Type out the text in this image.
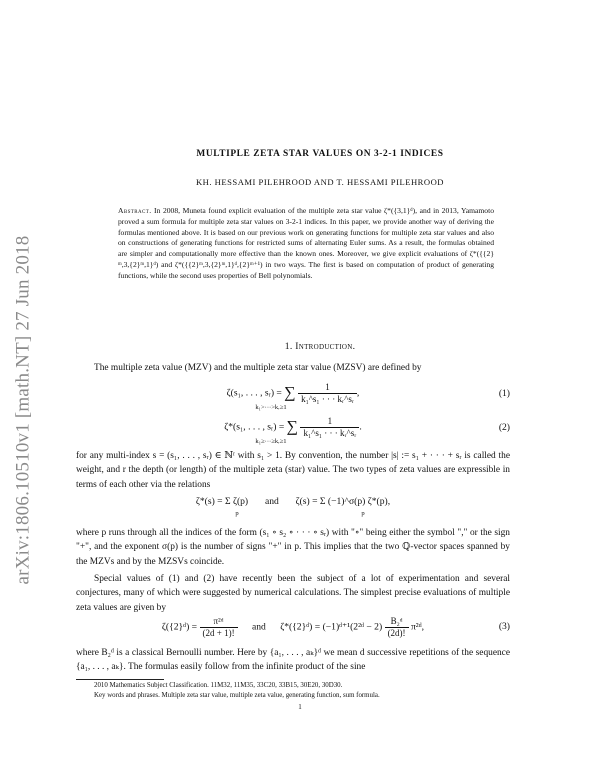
arXiv:1806.10510v1 [math.NT] 27 Jun 2018
MULTIPLE ZETA STAR VALUES ON 3-2-1 INDICES
KH. HESSAMI PILEHROOD AND T. HESSAMI PILEHROOD
Abstract. In 2008, Muneta found explicit evaluation of the multiple zeta star value ζ*({3,1}ᵈ), and in 2013, Yamamoto proved a sum formula for multiple zeta star values on 3-2-1 indices. In this paper, we provide another way of deriving the formulas mentioned above. It is based on our previous work on generating functions for multiple zeta star values and also on constructions of generating functions for restricted sums of alternating Euler sums. As a result, the formulas obtained are simpler and computationally more effective than the known ones. Moreover, we give explicit evaluations of ζ*({{2}ᵐ,3,{2}ᵐ,1}ᵈ) and ζ*({{2}ᵐ,3,{2}ᵐ,1}ᵈ,{2}ᵐ⁺¹) in two ways. The first is based on computation of product of generating functions, while the second uses properties of Bell polynomials.
1. Introduction.
The multiple zeta value (MZV) and the multiple zeta star value (MZSV) are defined by
ζ(s₁, . . . , sᵣ) = ∑ $\frac{1}{\text{k₁\textasciicircum{}s₁ · · · kᵣ\textasciicircum{}sᵣ}}$ ,
k₁>···>kᵣ≥1
(1)
ζ*(s₁, . . . , sᵣ) = ∑ $\frac{1}{\text{k₁\textasciicircum{}s₁ · · · kᵣ\textasciicircum{}sᵣ}}$ .
k₁≥···≥kᵣ≥1
(2)
for any multi-index s = (s₁, . . . , sᵣ) ∈ ℕʳ with s₁ > 1. By convention, the number |s| := s₁ + · · · + sᵣ is called the weight, and r the depth (or length) of the multiple zeta (star) value. The two types of zeta values are expressible in terms of each other via the relations
ζ*(s) = Σ ζ(p) and ζ(s) = Σ (−1)^σ(p) ζ*(p),
p	p
where p runs through all the indices of the form (s₁ ∘ s₂ ∘ · · · ∘ sᵣ) with "∘" being either the symbol "," or the sign "+", and the exponent σ(p) is the number of signs "+" in p. This implies that the two ℚ-vector spaces spanned by the MZVs and by the MZSVs coincide.
Special values of (1) and (2) have recently been the subject of a lot of experimentation and several conjectures, many of which were suggested by numerical calculations. The simplest precise evaluations of multiple zeta values are given by
ζ({2}ᵈ) = $\frac{\text{π²ᵈ}}{(2d + 1)!}$ and ζ*({2}ᵈ) = (−1)ᵈ⁺¹(2²ᵈ − $2) \frac{\text{B₂ᵈ}}{(2d)!}$ π²ᵈ,	(3)
where B₂ᵈ is a classical Bernoulli number. Here by {a₁, . . . , aₖ}ᵈ we mean d successive repetitions of the sequence {a₁, . . . , aₖ}. The formulas easily follow from the infinite product of the sine
2010 Mathematics Subject Classification. 11M32, 11M35, 33C20, 33B15, 30E20, 30D30.
Key words and phrases. Multiple zeta star value, multiple zeta value, generating function, sum formula.
1
